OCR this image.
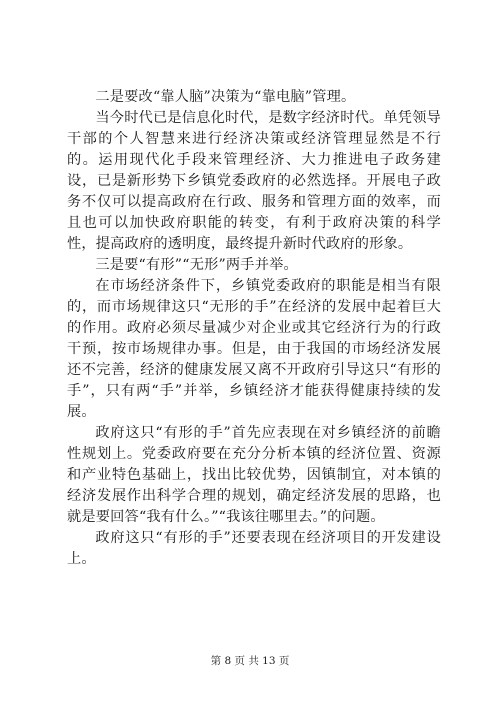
二是要改“靠人脑”决策为“靠电脑”管理。

当今时代已是信息化时代，是数字经济时代。单凭领导干部的个人智慧来进行经济决策或经济管理显然是不行的。运用现代化手段来管理经济、大力推进电子政务建设，已是新形势下乡镇党委政府的必然选择。开展电子政务不仅可以提高政府在行政、服务和管理方面的效率，而且也可以加快政府职能的转变，有利于政府决策的科学性，提高政府的透明度，最终提升新时代政府的形象。

三是要“有形”“无形”两手并举。

在市场经济条件下，乡镇党委政府的职能是相当有限的，而市场规律这只“无形的手”在经济的发展中起着巨大的作用。政府必须尽量减少对企业或其它经济行为的行政干预，按市场规律办事。但是，由于我国的市场经济发展还不完善，经济的健康发展又离不开政府引导这只“有形的手”，只有两“手”并举，乡镇经济才能获得健康持续的发展。

政府这只“有形的手”首先应表现在对乡镇经济的前瞻性规划上。党委政府要在充分分析本镇的经济位置、资源和产业特色基础上，找出比较优势，因镇制宜，对本镇的经济发展作出科学合理的规划，确定经济发展的思路，也就是要回答“我有什么。”“我该往哪里去。”的问题。

政府这只“有形的手”还要表现在经济项目的开发建设上。

第 8 页 共 13 页
